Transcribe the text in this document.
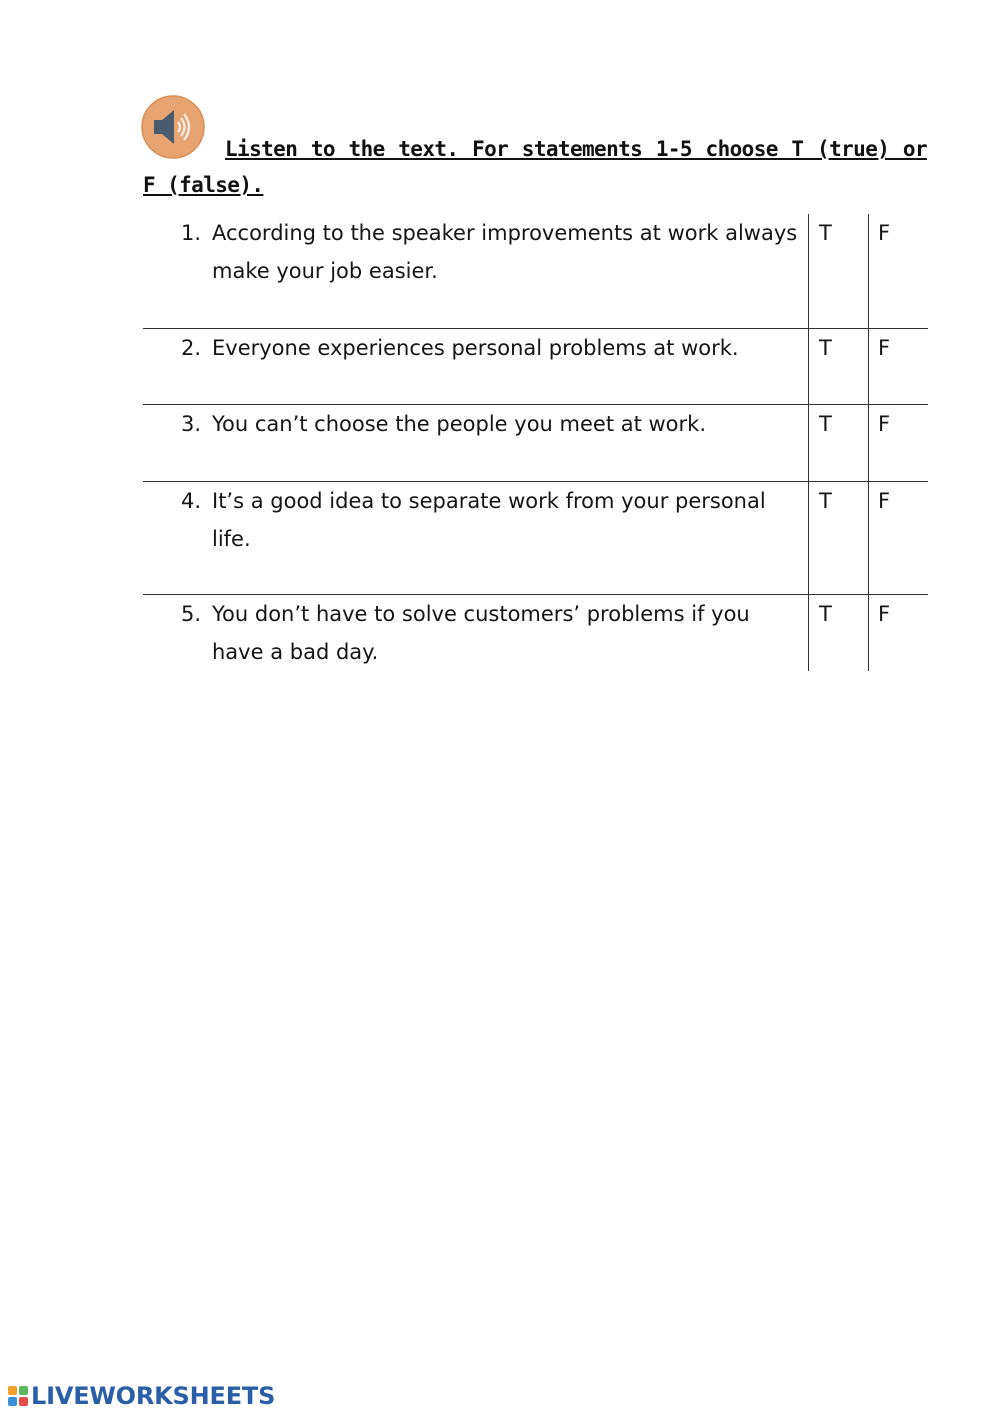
Listen to the text. For statements 1-5 choose T (true) or F (false).

1. According to the speaker improvements at work always make your job easier.	T	F

2. Everyone experiences personal problems at work.	T	F

3. You can’t choose the people you meet at work.	T	F

4. It’s a good idea to separate work from your personal life.	T	F

5. You don’t have to solve customers’ problems if you have a bad day.	T	F
LIVEWORKSHEETS
